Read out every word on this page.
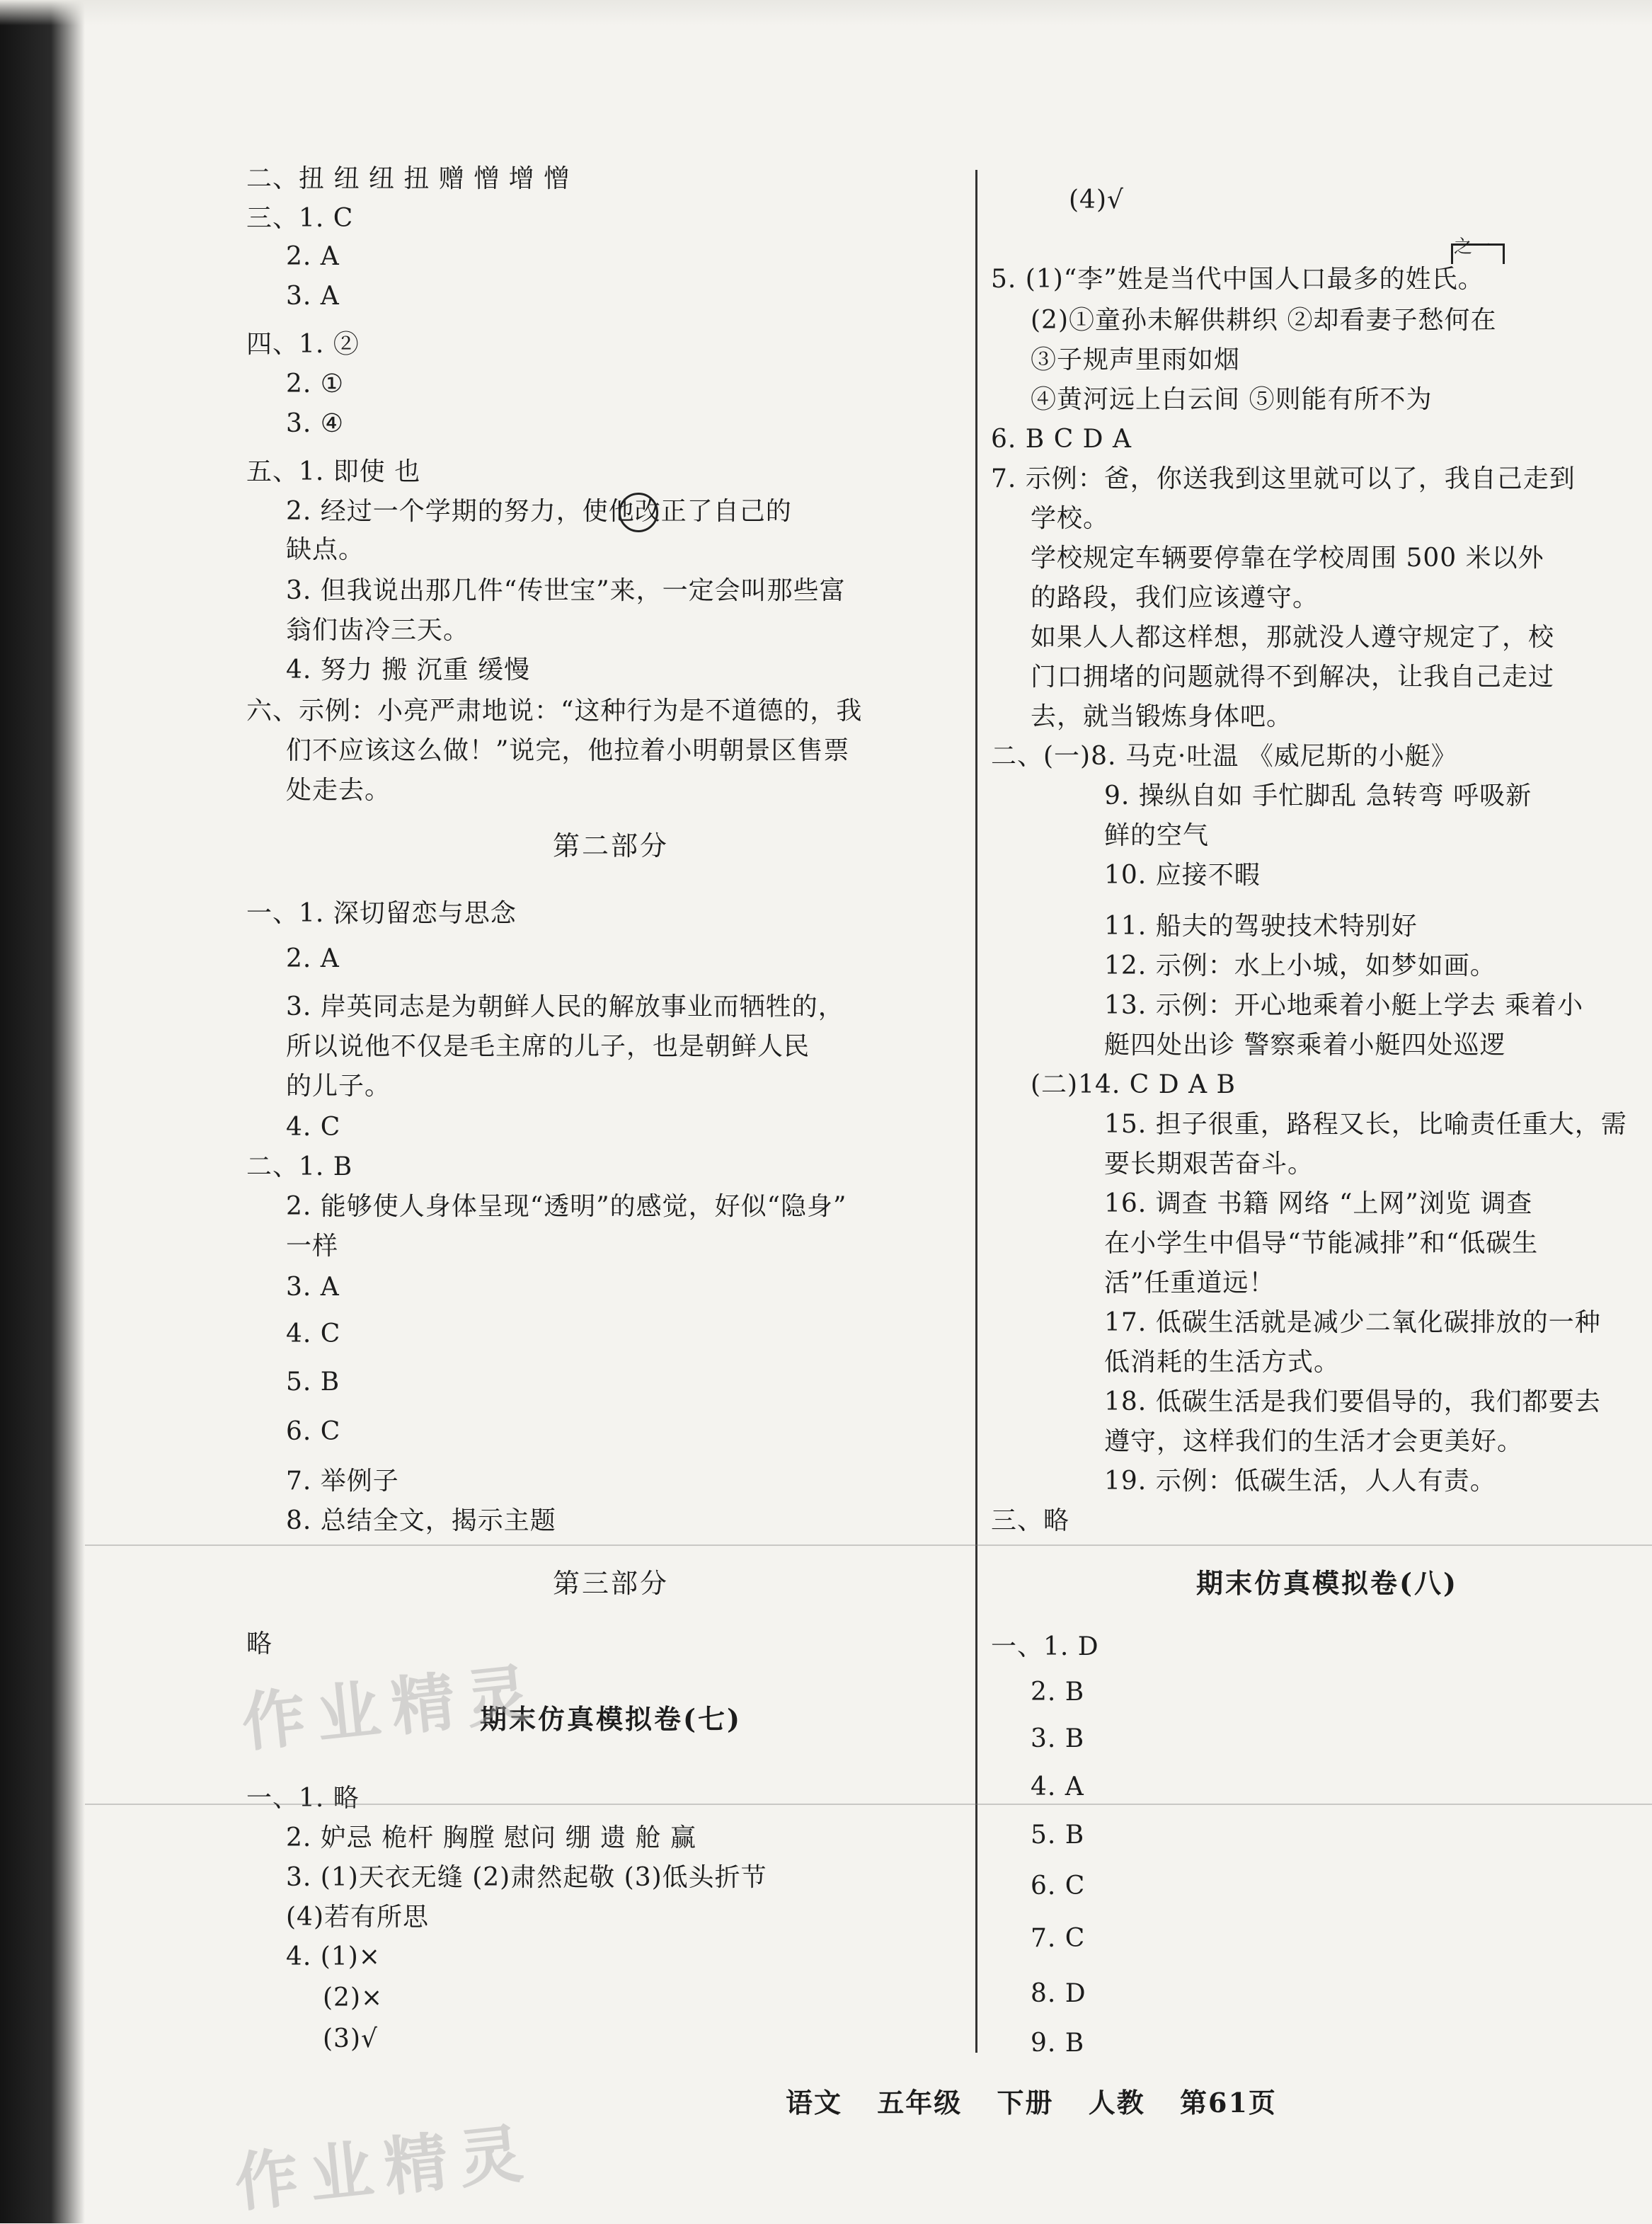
二、扭 纽 纽 扭 赠 憎 增 憎
三、1. C
2. A
3. A
四、1. ②
2. ①
3. ④
五、1. 即使 也
2. 经过一个学期的努力，使他改正了自己的
缺点。
3. 但我说出那几件“传世宝”来，一定会叫那些富
翁们齿冷三天。
4. 努力 搬 沉重 缓慢
六、示例：小亮严肃地说：“这种行为是不道德的，我
们不应该这么做！”说完，他拉着小明朝景区售票
处走去。
第二部分
一、1. 深切留恋与思念
2. A
3. 岸英同志是为朝鲜人民的解放事业而牺牲的，
所以说他不仅是毛主席的儿子，也是朝鲜人民
的儿子。
4. C
二、1. B
2. 能够使人身体呈现“透明”的感觉，好似“隐身”
一样
3. A
4. C
5. B
6. C
7. 举例子
8. 总结全文，揭示主题
第三部分
略
期末仿真模拟卷(七)
一、1. 略
2. 妒忌 桅杆 胸膛 慰问 绷 遗 舱 赢
3. (1)天衣无缝 (2)肃然起敬 (3)低头折节
(4)若有所思
4. (1)×
(2)×
(3)√
(4)√
5. (1)“李”姓是当代中国人口最多的姓氏。
之一
(2)①童孙未解供耕织 ②却看妻子愁何在
③子规声里雨如烟
④黄河远上白云间 ⑤则能有所不为
6. B C D A
7. 示例：爸，你送我到这里就可以了，我自己走到
学校。
学校规定车辆要停靠在学校周围 500 米以外
的路段，我们应该遵守。
如果人人都这样想，那就没人遵守规定了，校
门口拥堵的问题就得不到解决，让我自己走过
去，就当锻炼身体吧。
二、(一)8. 马克·吐温 《威尼斯的小艇》
9. 操纵自如 手忙脚乱 急转弯 呼吸新
鲜的空气
10. 应接不暇
11. 船夫的驾驶技术特别好
12. 示例：水上小城，如梦如画。
13. 示例：开心地乘着小艇上学去 乘着小
艇四处出诊 警察乘着小艇四处巡逻
(二)14. C D A B
15. 担子很重，路程又长，比喻责任重大，需
要长期艰苦奋斗。
16. 调查 书籍 网络 “上网”浏览 调查
在小学生中倡导“节能减排”和“低碳生
活”任重道远！
17. 低碳生活就是减少二氧化碳排放的一种
低消耗的生活方式。
18. 低碳生活是我们要倡导的，我们都要去
遵守，这样我们的生活才会更美好。
19. 示例：低碳生活，人人有责。
三、略
期末仿真模拟卷(八)
一、1. D
2. B
3. B
4. A
5. B
6. C
7. C
8. D
9. B
语文 五年级 下册 人教 第61页
作业精灵
作业精灵
